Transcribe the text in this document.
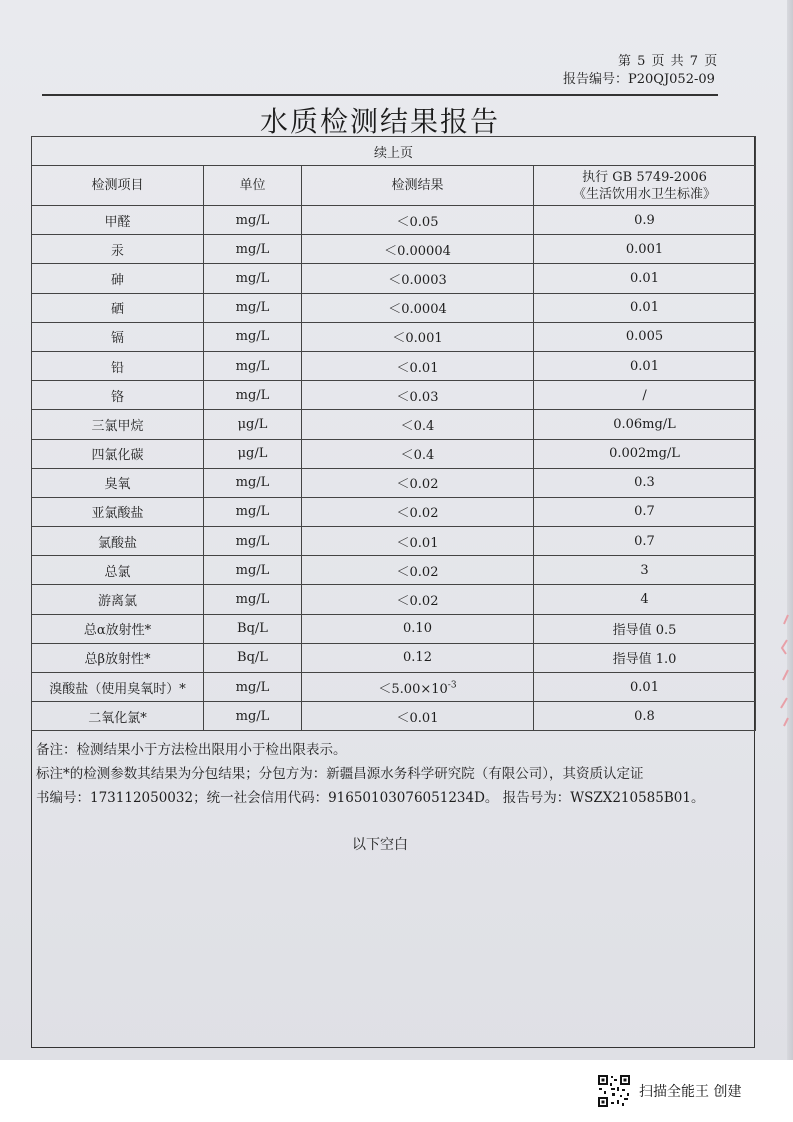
第 5 页 共 7 页
报告编号：P20QJ052-09
水质检测结果报告
续上页			
检测项目	单位	检测结果	执行 GB 5749-2006
《生活饮用水卫生标准》

甲醛	mg/L	＜0.05	0.9
汞	mg/L	＜0.00004	0.001
砷	mg/L	＜0.0003	0.01
硒	mg/L	＜0.0004	0.01
镉	mg/L	＜0.001	0.005
铅	mg/L	＜0.01	0.01
铬	mg/L	＜0.03	/
三氯甲烷	μg/L	＜0.4	0.06mg/L
四氯化碳	μg/L	＜0.4	0.002mg/L
臭氧	mg/L	＜0.02	0.3
亚氯酸盐	mg/L	＜0.02	0.7
氯酸盐	mg/L	＜0.01	0.7
总氯	mg/L	＜0.02	3
游离氯	mg/L	＜0.02	4
总α放射性*	Bq/L	0.10	指导值 0.5
总β放射性*	Bq/L	0.12	指导值 1.0
溴酸盐（使用臭氧时）*	mg/L	$<5.00\times 10^{-3}$	0.01
二氧化氯*	mg/L	＜0.01	0.8

备注：检测结果小于方法检出限用小于检出限表示。

标注*的检测参数其结果为分包结果；分包方为：新疆昌源水务科学研究院（有限公司），其资质认定证

书编号：173112050032；统一社会信用代码：91650103076051234D。 报告号为：WSZX210585B01。

以下空白
扫描全能王 创建
